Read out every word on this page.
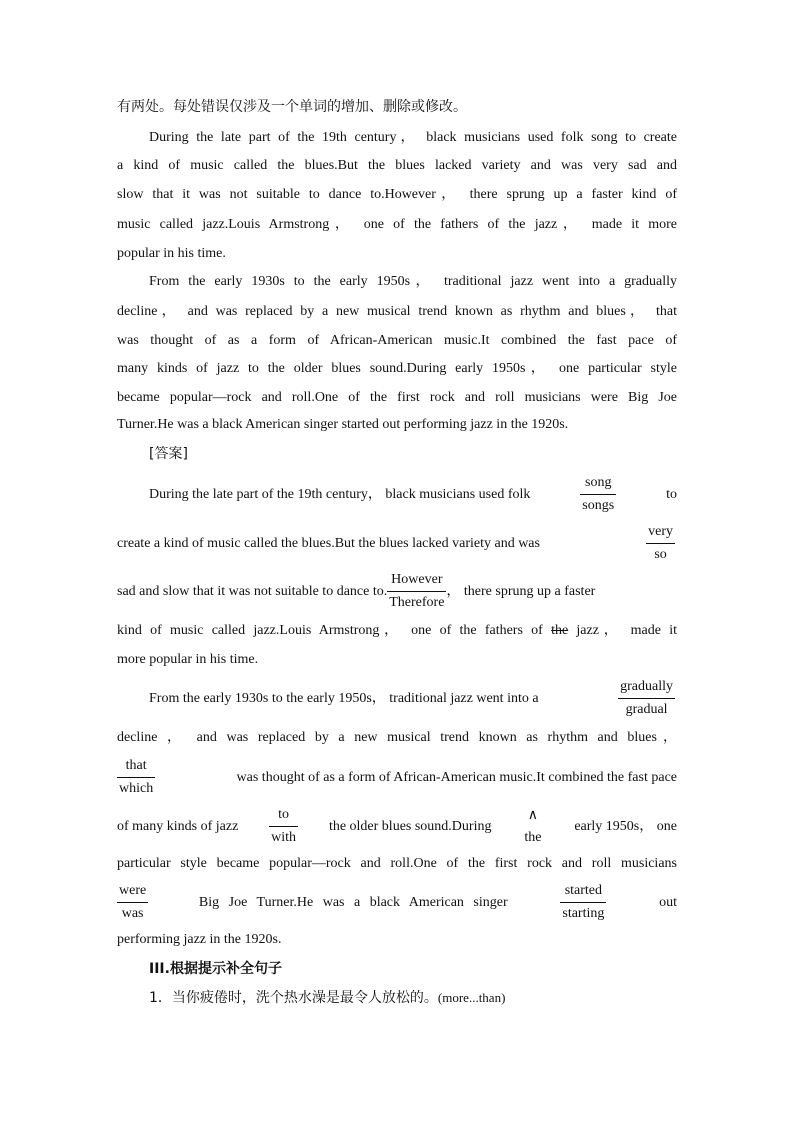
有两处。每处错误仅涉及一个单词的增加、删除或修改。
During the late part of the 19th century， black musicians used folk song to create
a kind of music called the blues.But the blues lacked variety and was very sad and
slow that it was not suitable to dance to.However， there sprung up a faster kind of
music called jazz.Louis Armstrong， one of the fathers of the jazz， made it more
popular in his time.
From the early 1930s to the early 1950s， traditional jazz went into a gradually
decline， and was replaced by a new musical trend known as rhythm and blues， that
was thought of as a form of African-American music.It combined the fast pace of
many kinds of jazz to the older blues sound.During early 1950s， one particular style
became popular—rock and roll.One of the first rock and roll musicians were Big Joe
Turner.He was a black American singer started out performing jazz in the 1920s.
[答案]
During the late part of the 19th century， black musicians used folk	$\frac{\text{song}}{\text{songs}}$	to
create a kind of music called the blues.But the blues lacked variety and was	$\frac{\text{very}}{so}$
sad and slow that it was not suitable to dance to. $\frac{\text{However}}{\text{Therefore}}$ ， there sprung up a faster
kind of music called jazz.Louis Armstrong， one of the fathers of the jazz， made it
more popular in his time.
From the early 1930s to the early 1950s， traditional jazz went into a	$\frac{\text{gradually}}{\text{gradual}}$
decline ， and was replaced by a new musical trend known as rhythm and blues，
$\frac{\text{that}}{\text{which}}$	was thought of as a form of African-American music.It combined the fast pace
of many kinds of jazz $\frac{to}{\text{with}}$ the older blues sound.During
∧
the
early 1950s， one
particular style became popular—rock and roll.One of the first rock and roll musicians
$\frac{\text{were}}{\text{was}}$	Big Joe Turner.He was a black American singer	$\frac{\text{started}}{\text{starting}}$	out
performing jazz in the 1920s.
III.根据提示补全句子
1．当你疲倦时，洗个热水澡是最令人放松的。(more...than)
